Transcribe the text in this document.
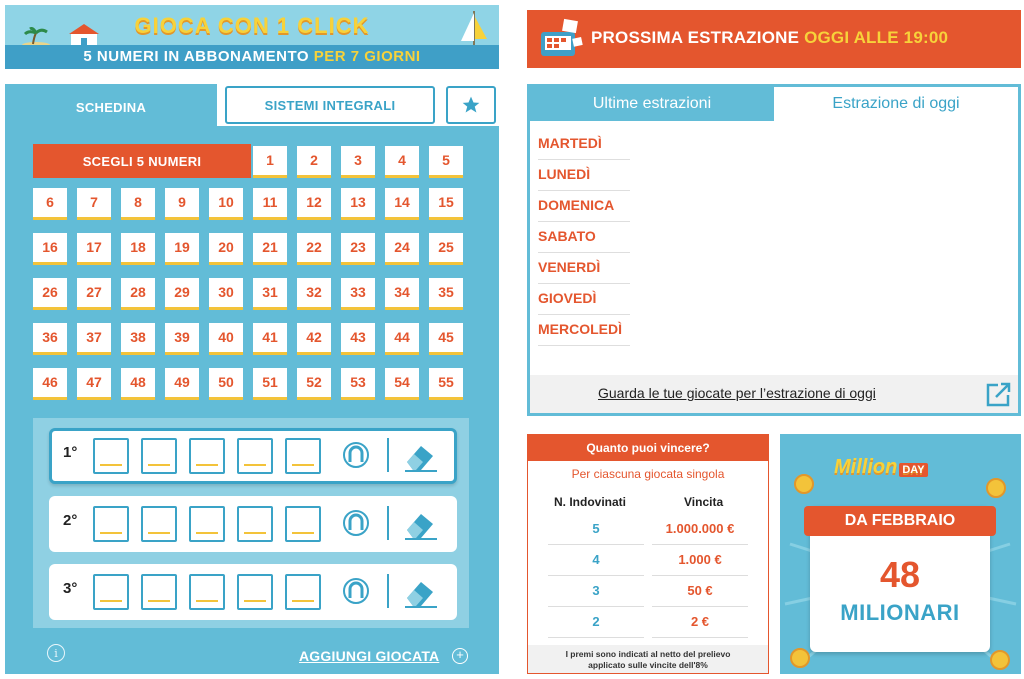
GIOCA CON 1 CLICK
5 NUMERI IN ABBONAMENTO PER 7 GIORNI
SCHEDINA	SISTEMI INTEGRALI
SCEGLI 5 NUMERI	1	2	3	4	5
6	7	8	9 10 11 12 13 14 15
16 17 18 19 20 21 22 23 24 25
26 27 28 29 30 31 32 33 34 35
36 37 38 39 40 41 42 43 44 45
46 47 48 49 50 51 52 53 54 55
1°
2°
3°
i	AGGIUNGI GIOCATA	+
PROSSIMA ESTRAZIONE OGGI ALLE 19:00
Ultime estrazioni	Estrazione di oggi
MARTEDÌ
LUNEDÌ
DOMENICA
SABATO
VENERDÌ
GIOVEDÌ
MERCOLEDÌ
Guarda le tue giocate per l’estrazione di oggi
Quanto puoi vincere?
Per ciascuna giocata singola
N. Indovinati	Vincita
5	1.000.000 €
4	1.000 €
3	50 €
2	2 €
I premi sono indicati al netto del prelievo
applicato sulle vincite dell'8%
Million DAY
DA FEBBRAIO
48
MILIONARI
